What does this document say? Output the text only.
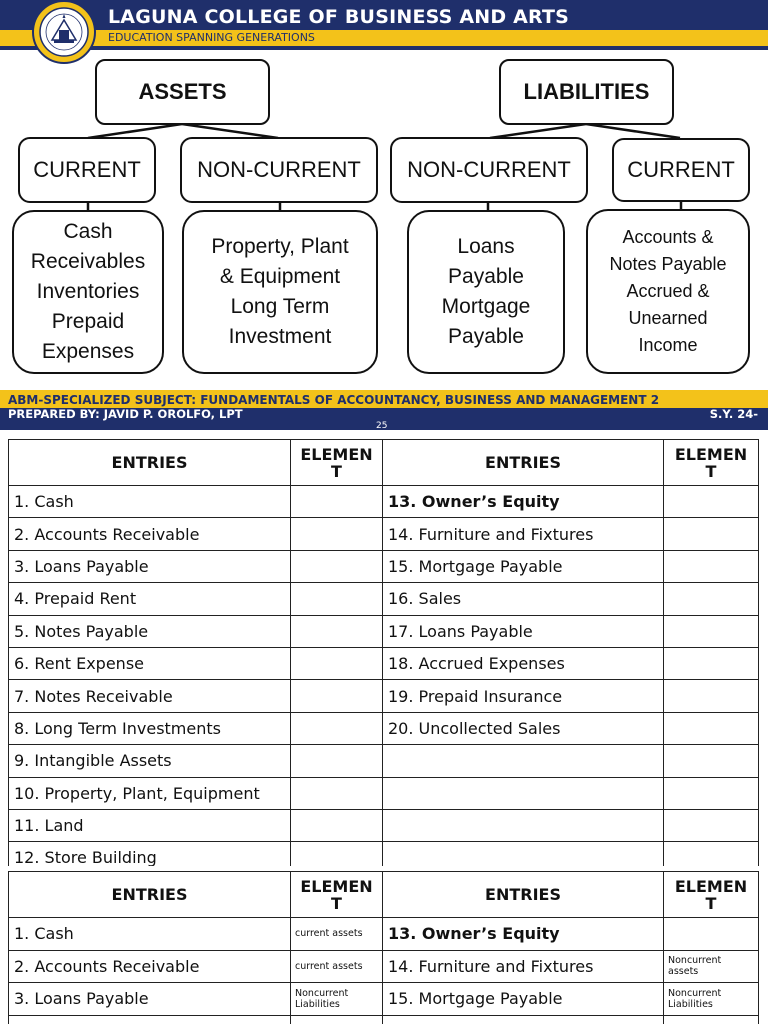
LAGUNA COLLEGE OF BUSINESS AND ARTS
EDUCATION SPANNING GENERATIONS
ASSETS	LIABILITIES
CURRENT	NON-CURRENT NON-CURRENT	CURRENT
Cash
Receivables
Inventories
Prepaid
Expenses
Property, Plant
& Equipment
Long Term
Investment
Loans
Payable
Mortgage
Payable
Accounts &
Notes Payable
Accrued &
Unearned
Income
ABM-SPECIALIZED SUBJECT: FUNDAMENTALS OF ACCOUNTANCY, BUSINESS AND MANAGEMENT 2
PREPARED BY: JAVID P. OROLFO, LPT	S.Y. 24-
25
ENTRIES	ELEMEN T	ENTRIES	ELEMEN T
1. Cash		13. Owner’s Equity	
2. Accounts Receivable		14. Furniture and Fixtures	
3. Loans Payable		15. Mortgage Payable	
4. Prepaid Rent		16. Sales	
5. Notes Payable		17. Loans Payable	
6. Rent Expense		18. Accrued Expenses	
7. Notes Receivable		19. Prepaid Insurance	
8. Long Term Investments		20. Uncollected Sales	
9. Intangible Assets			
10. Property, Plant, Equipment			
11. Land			
12. Store Building			
ENTRIES	ELEMEN T	ENTRIES	ELEMEN T
1. Cash	current assets	13. Owner’s Equity	
2. Accounts Receivable	current assets	14. Furniture and Fixtures	Noncurrent assets
3. Loans Payable	Noncurrent Liabilities	15. Mortgage Payable	Noncurrent Liabilities
